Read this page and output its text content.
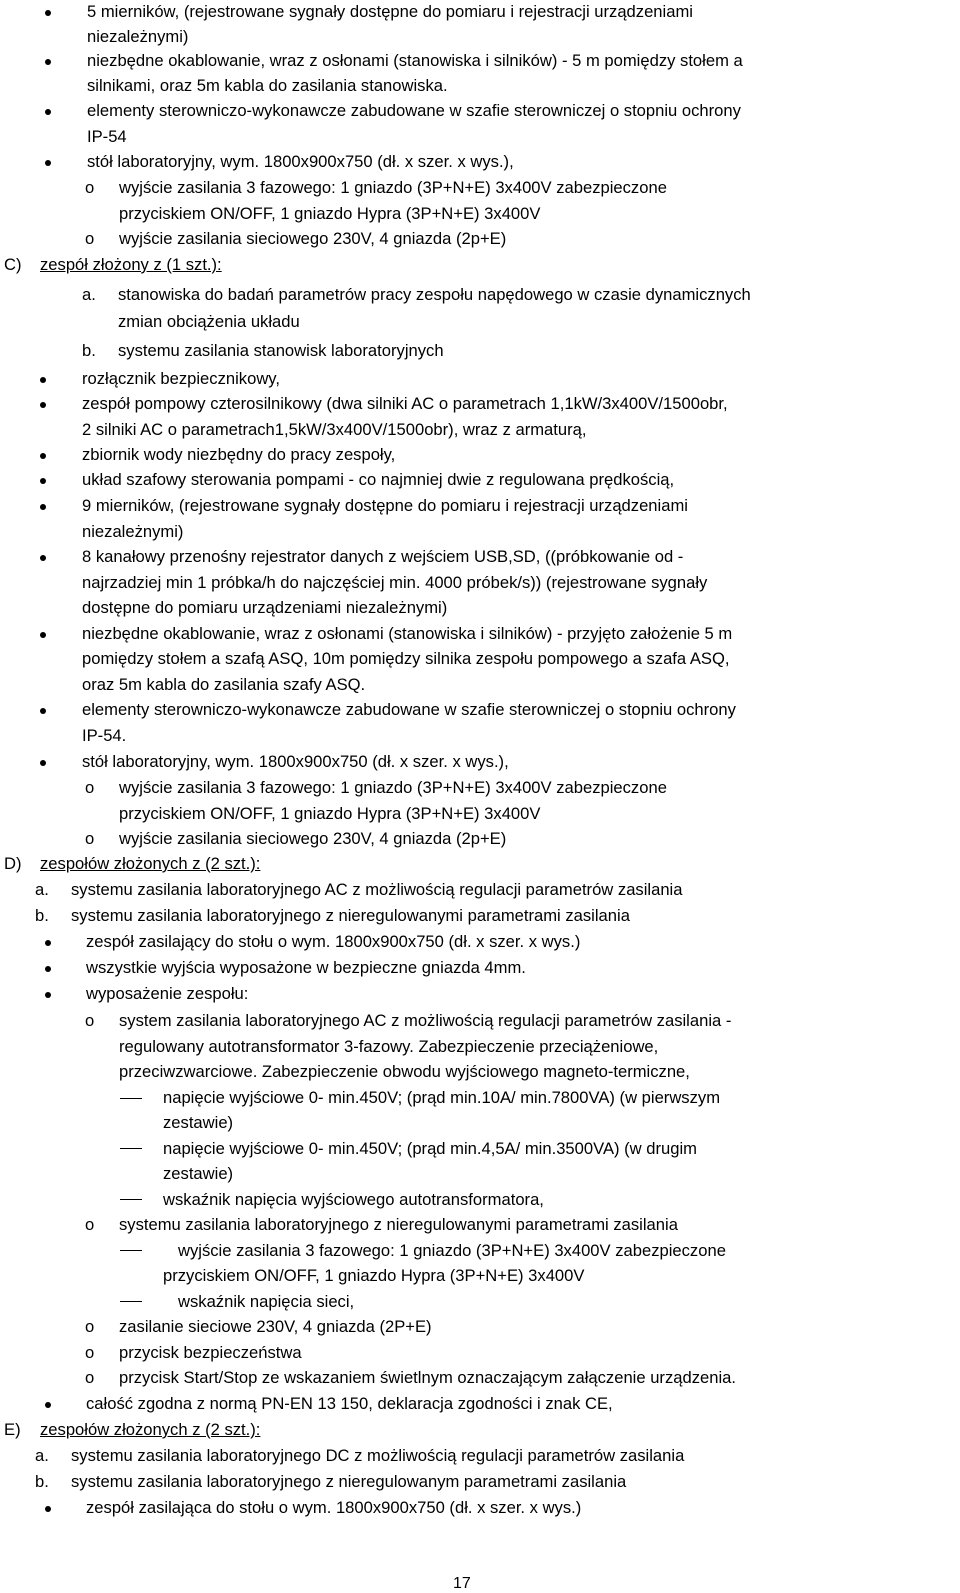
5 mierników, (rejestrowane sygnały dostępne do pomiaru i rejestracji urządzeniami
niezależnymi)
niezbędne okablowanie, wraz z osłonami (stanowiska i silników) - 5 m pomiędzy stołem a
silnikami, oraz 5m kabla do zasilania stanowiska.
elementy sterowniczo-wykonawcze zabudowane w szafie sterowniczej o stopniu ochrony
IP-54
stół laboratoryjny, wym. 1800x900x750 (dł. x szer. x wys.),
o wyjście zasilania 3 fazowego: 1 gniazdo (3P+N+E) 3x400V zabezpieczone
przyciskiem ON/OFF, 1 gniazdo Hypra (3P+N+E) 3x400V
o wyjście zasilania sieciowego 230V, 4 gniazda (2p+E)
C) zespół złożony z (1 szt.):
a. stanowiska do badań parametrów pracy zespołu napędowego w czasie dynamicznych
zmian obciążenia układu
b. systemu zasilania stanowisk laboratoryjnych
rozłącznik bezpiecznikowy,
zespół pompowy czterosilnikowy (dwa silniki AC o parametrach 1,1kW/3x400V/1500obr,
2 silniki AC o parametrach1,5kW/3x400V/1500obr), wraz z armaturą,
zbiornik wody niezbędny do pracy zespoły,
układ szafowy sterowania pompami - co najmniej dwie z regulowana prędkością,
9 mierników, (rejestrowane sygnały dostępne do pomiaru i rejestracji urządzeniami
niezależnymi)
8 kanałowy przenośny rejestrator danych z wejściem USB,SD, ((próbkowanie od -
najrzadziej min 1 próbka/h do najczęściej min. 4000 próbek/s)) (rejestrowane sygnały
dostępne do pomiaru urządzeniami niezależnymi)
niezbędne okablowanie, wraz z osłonami (stanowiska i silników) - przyjęto założenie 5 m
pomiędzy stołem a szafą ASQ, 10m pomiędzy silnika zespołu pompowego a szafa ASQ,
oraz 5m kabla do zasilania szafy ASQ.
elementy sterowniczo-wykonawcze zabudowane w szafie sterowniczej o stopniu ochrony
IP-54.
stół laboratoryjny, wym. 1800x900x750 (dł. x szer. x wys.),
o wyjście zasilania 3 fazowego: 1 gniazdo (3P+N+E) 3x400V zabezpieczone
przyciskiem ON/OFF, 1 gniazdo Hypra (3P+N+E) 3x400V
o wyjście zasilania sieciowego 230V, 4 gniazda (2p+E)
D) zespołów złożonych z (2 szt.):
a. systemu zasilania laboratoryjnego AC z możliwością regulacji parametrów zasilania
b. systemu zasilania laboratoryjnego z nieregulowanymi parametrami zasilania
zespół zasilający do stołu o wym. 1800x900x750 (dł. x szer. x wys.)
wszystkie wyjścia wyposażone w bezpieczne gniazda 4mm.
wyposażenie zespołu:
o system zasilania laboratoryjnego AC z możliwością regulacji parametrów zasilania -
regulowany autotransformator 3-fazowy. Zabezpieczenie przeciążeniowe,
przeciwzwarciowe. Zabezpieczenie obwodu wyjściowego magneto-termiczne,
napięcie wyjściowe 0- min.450V; (prąd min.10A/ min.7800VA) (w pierwszym
zestawie)
napięcie wyjściowe 0- min.450V; (prąd min.4,5A/ min.3500VA) (w drugim
zestawie)
wskaźnik napięcia wyjściowego autotransformatora,
o systemu zasilania laboratoryjnego z nieregulowanymi parametrami zasilania
wyjście zasilania 3 fazowego: 1 gniazdo (3P+N+E) 3x400V zabezpieczone
przyciskiem ON/OFF, 1 gniazdo Hypra (3P+N+E) 3x400V
wskaźnik napięcia sieci,
o zasilanie sieciowe 230V, 4 gniazda (2P+E)
o przycisk bezpieczeństwa
o przycisk Start/Stop ze wskazaniem świetlnym oznaczającym załączenie urządzenia.
całość zgodna z normą PN-EN 13 150, deklaracja zgodności i znak CE,
E) zespołów złożonych z (2 szt.):
a. systemu zasilania laboratoryjnego DC z możliwością regulacji parametrów zasilania
b. systemu zasilania laboratoryjnego z nieregulowanym parametrami zasilania
zespół zasilająca do stołu o wym. 1800x900x750 (dł. x szer. x wys.)
17
